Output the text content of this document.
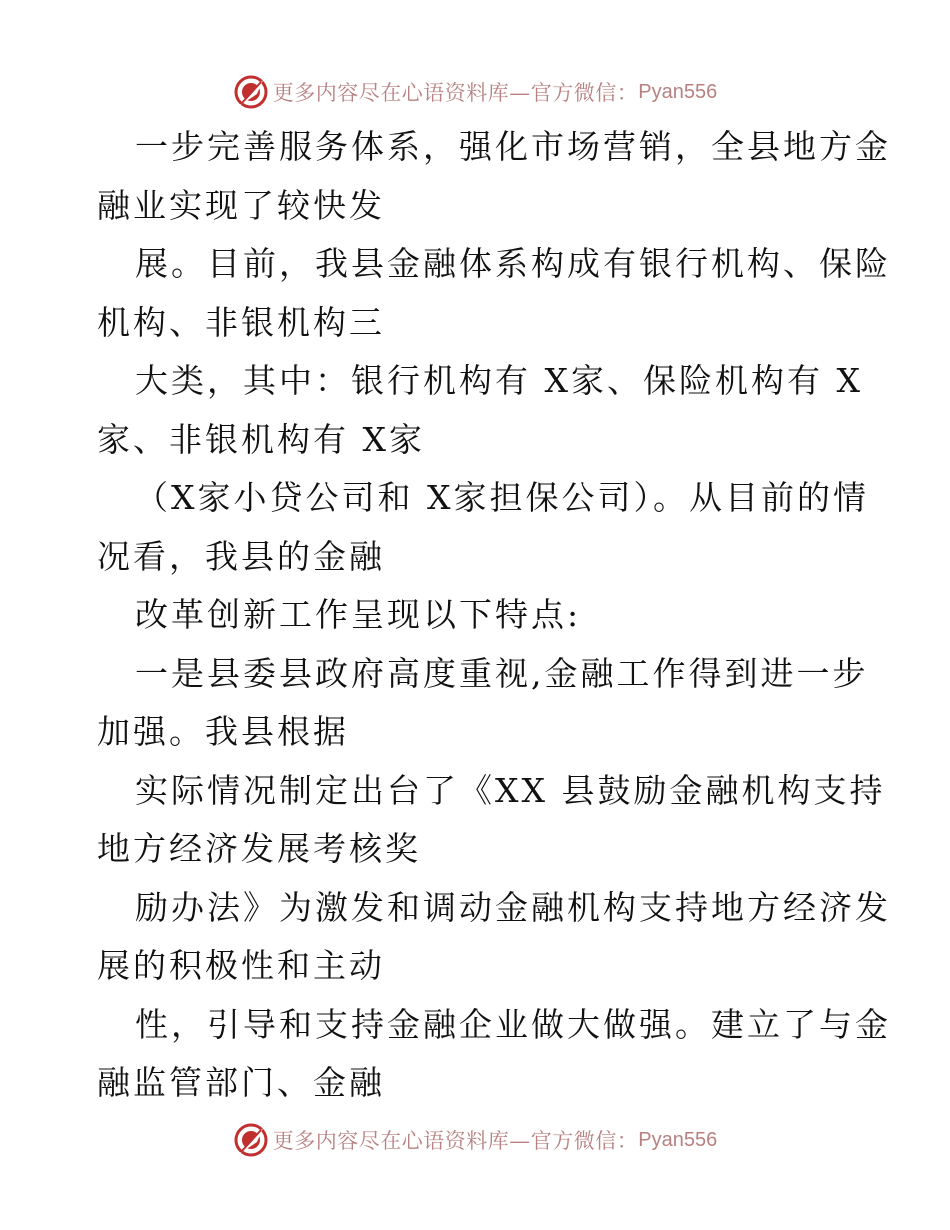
更多内容尽在心语资料库—官方微信： Pyan556
一步完善服务体系，强化市场营销，全县地方金
融业实现了较快发
展。目前，我县金融体系构成有银行机构、保险
机构、非银机构三
大类，其中：银行机构有 X家、保险机构有 X
家、非银机构有 X家
（X家小贷公司和 X家担保公司）。从目前的情
况看，我县的金融
改革创新工作呈现以下特点:
一是县委县政府高度重视,金融工作得到进一步
加强。我县根据
实际情况制定出台了《XX 县鼓励金融机构支持
地方经济发展考核奖
励办法》为激发和调动金融机构支持地方经济发
展的积极性和主动
性，引导和支持金融企业做大做强。建立了与金
融监管部门、金融
更多内容尽在心语资料库—官方微信： Pyan556
